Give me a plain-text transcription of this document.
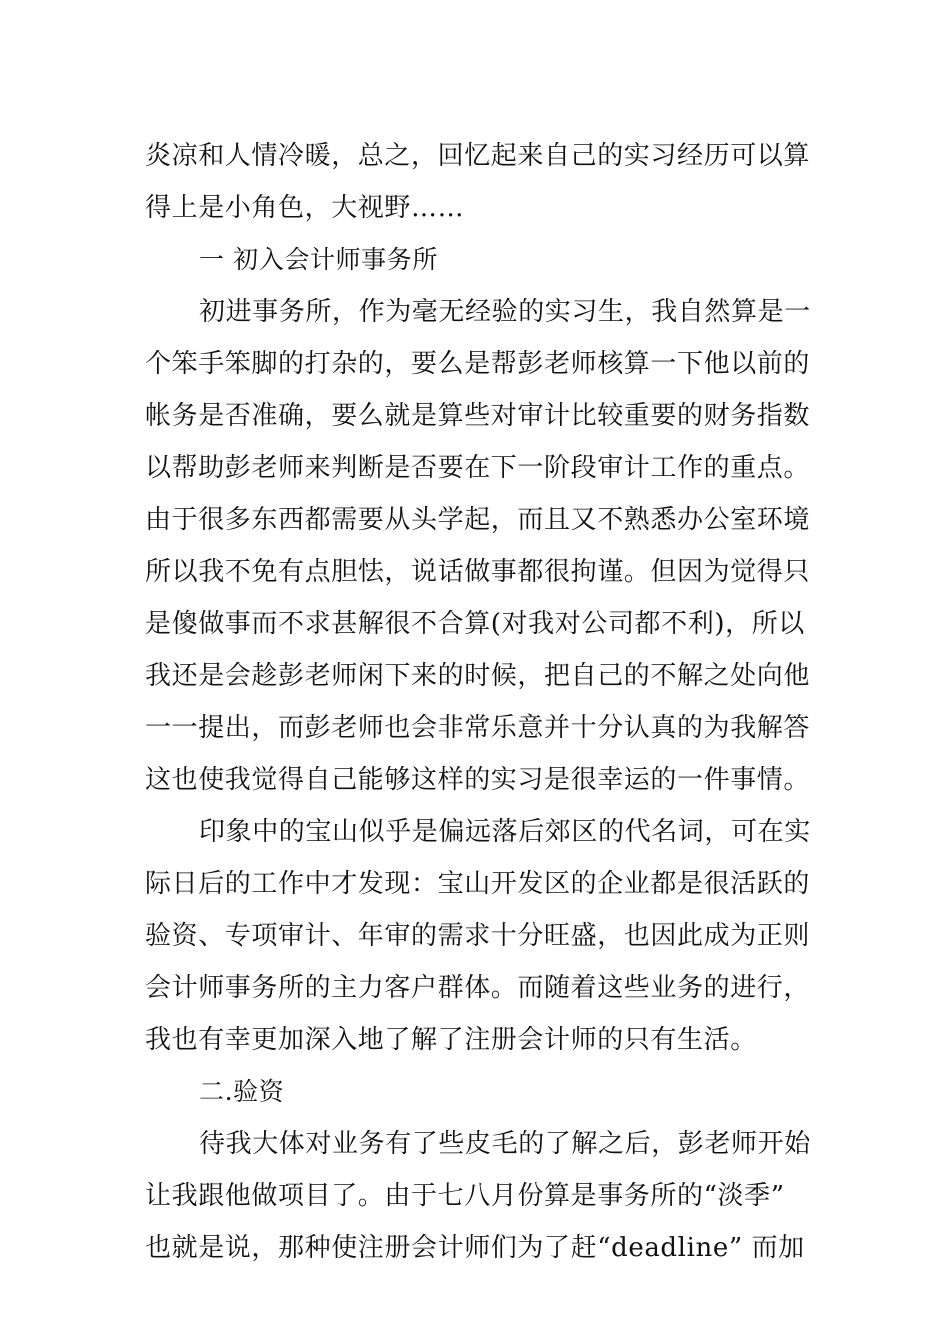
炎凉和人情冷暖，总之，回忆起来自己的实习经历可以算
得上是小角色，大视野……
一 初入会计师事务所
初进事务所，作为毫无经验的实习生，我自然算是一
个笨手笨脚的打杂的，要么是帮彭老师核算一下他以前的
帐务是否准确，要么就是算些对审计比较重要的财务指数
以帮助彭老师来判断是否要在下一阶段审计工作的重点。
由于很多东西都需要从头学起，而且又不熟悉办公室环境
所以我不免有点胆怯，说话做事都很拘谨。但因为觉得只
是傻做事而不求甚解很不合算(对我对公司都不利)，所以
我还是会趁彭老师闲下来的时候，把自己的不解之处向他
一一提出，而彭老师也会非常乐意并十分认真的为我解答
这也使我觉得自己能够这样的实习是很幸运的一件事情。
印象中的宝山似乎是偏远落后郊区的代名词，可在实
际日后的工作中才发现：宝山开发区的企业都是很活跃的
验资、专项审计、年审的需求十分旺盛，也因此成为正则
会计师事务所的主力客户群体。而随着这些业务的进行，
我也有幸更加深入地了解了注册会计师的只有生活。
二.验资
待我大体对业务有了些皮毛的了解之后，彭老师开始
让我跟他做项目了。由于七八月份算是事务所的“淡季”
也就是说，那种使注册会计师们为了赶“deadline” 而加
